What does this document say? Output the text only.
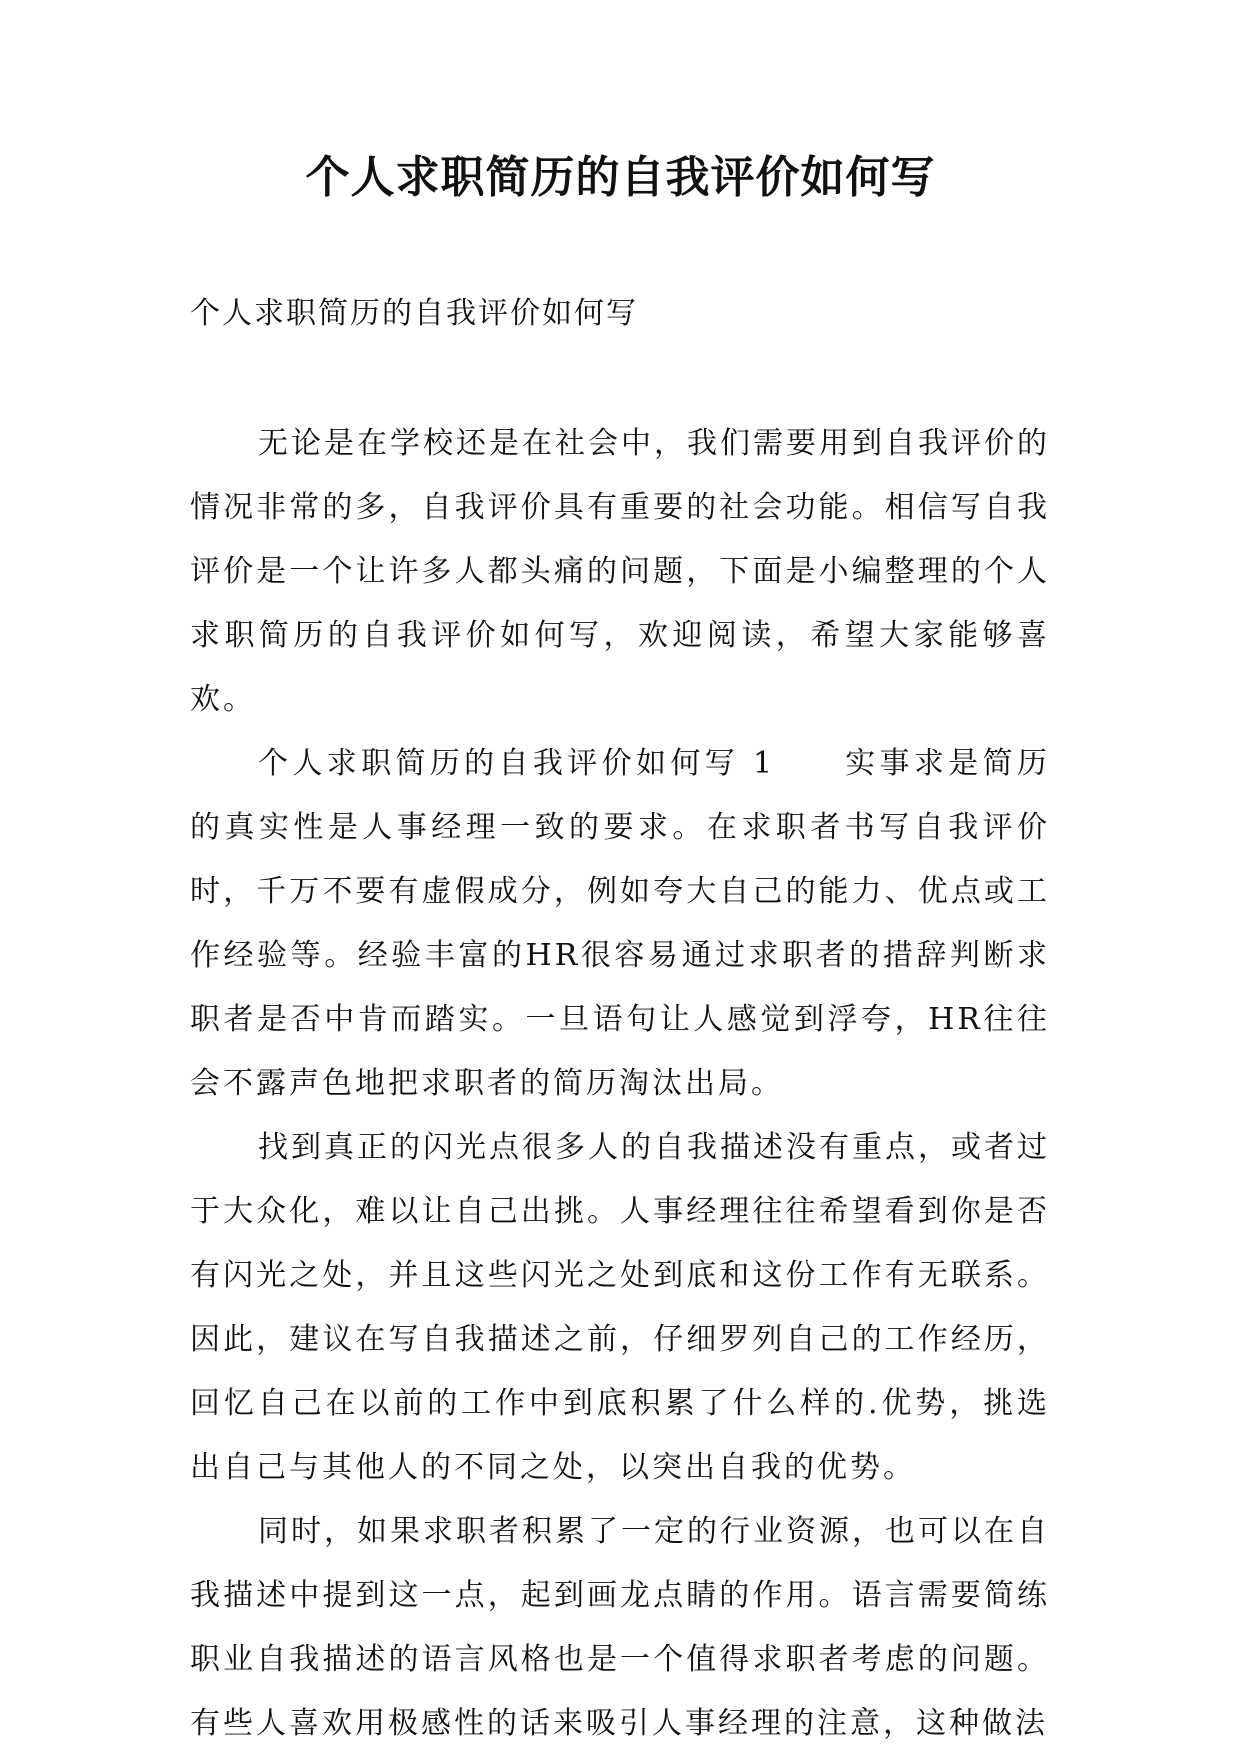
个人求职简历的自我评价如何写

个人求职简历的自我评价如何写

无论是在学校还是在社会中，我们需要用到自我评价的情况非常的多，自我评价具有重要的社会功能。相信写自我评价是一个让许多人都头痛的问题，下面是小编整理的个人求职简历的自我评价如何写，欢迎阅读，希望大家能够喜欢。

个人求职简历的自我评价如何写 1　　实事求是简历的真实性是人事经理一致的要求。在求职者书写自我评价时，千万不要有虚假成分，例如夸大自己的能力、优点或工作经验等。经验丰富的HR很容易通过求职者的措辞判断求职者是否中肯而踏实。一旦语句让人感觉到浮夸，HR往往会不露声色地把求职者的简历淘汰出局。

找到真正的闪光点很多人的自我描述没有重点，或者过于大众化，难以让自己出挑。人事经理往往希望看到你是否有闪光之处，并且这些闪光之处到底和这份工作有无联系。因此，建议在写自我描述之前，仔细罗列自己的工作经历，回忆自己在以前的工作中到底积累了什么样的.优势，挑选出自己与其他人的不同之处，以突出自我的优势。

同时，如果求职者积累了一定的行业资源，也可以在自我描述中提到这一点，起到画龙点睛的作用。语言需要简练职业自我描述的语言风格也是一个值得求职者考虑的问题。有些人喜欢用极感性的话来吸引人事经理的注意，这种做法
